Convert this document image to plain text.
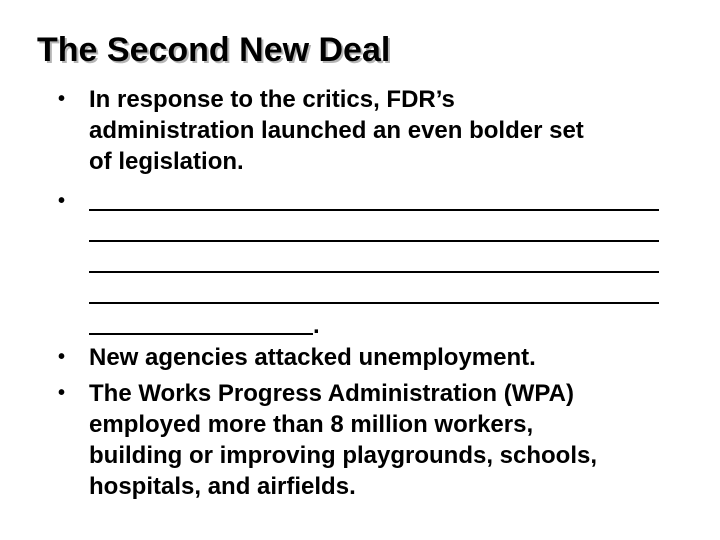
The Second New Deal
• In response to the critics, FDR’s
administration launched an even bolder set
of legislation.
•
.
• New agencies attacked unemployment.
• The Works Progress Administration (WPA)
employed more than 8 million workers,
building or improving playgrounds, schools,
hospitals, and airfields.
